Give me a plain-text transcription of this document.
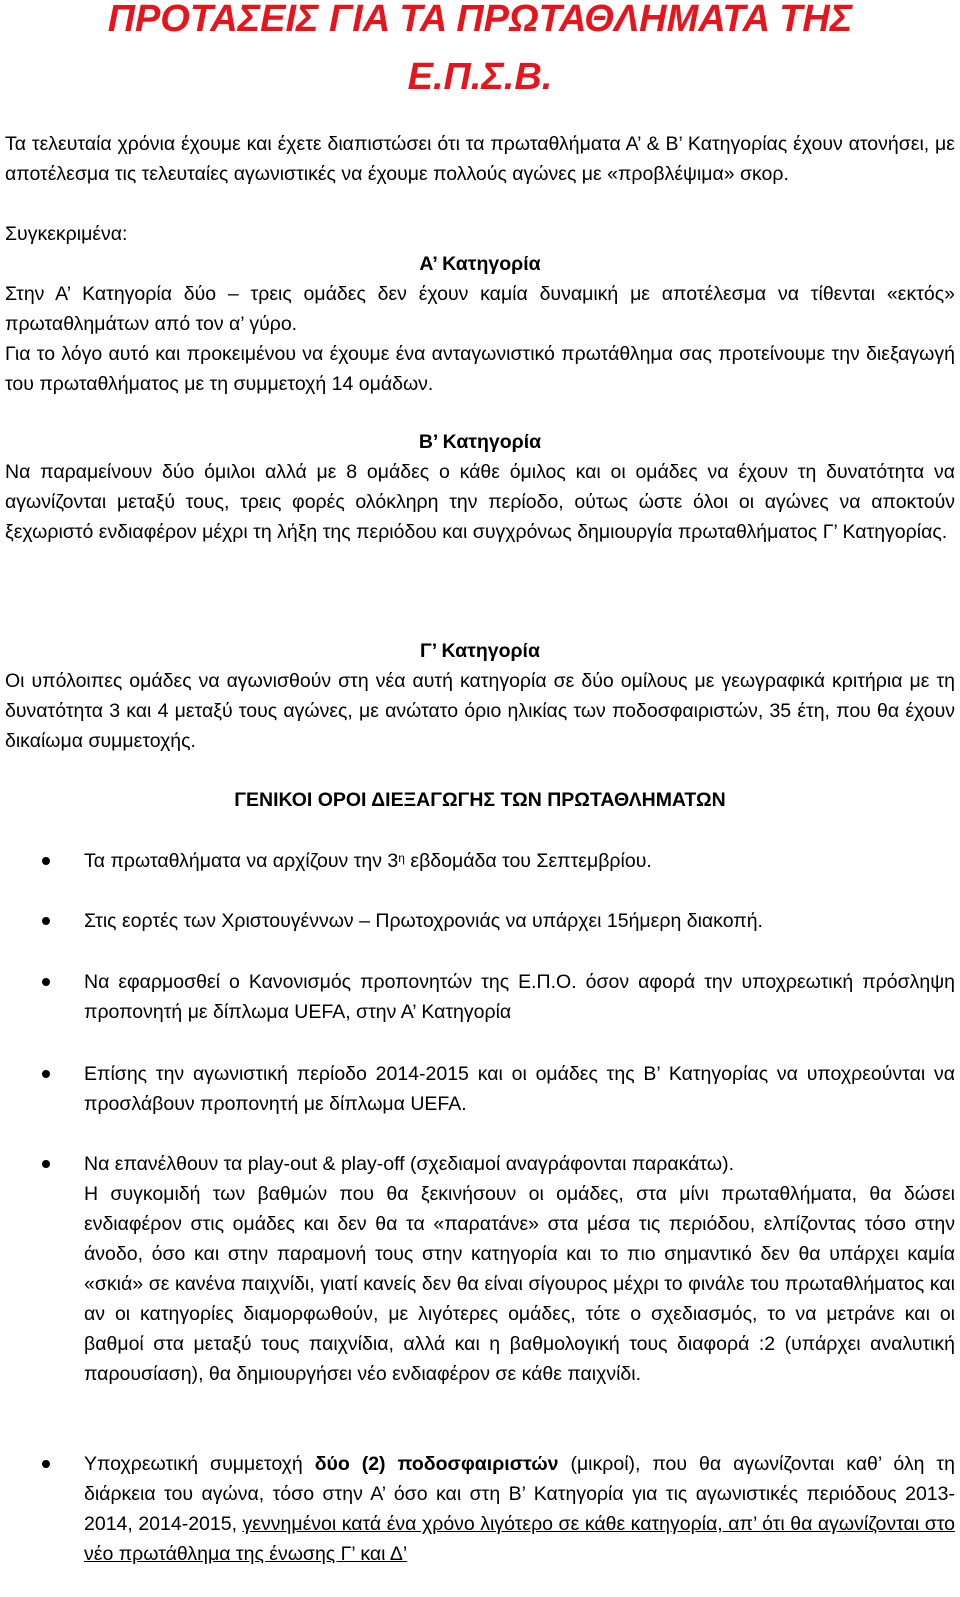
ΠΡΟΤΑΣΕΙΣ ΓΙΑ ΤΑ ΠΡΩΤΑΘΛΗΜΑΤΑ ΤΗΣ
Ε.Π.Σ.Β.
Τα τελευταία χρόνια έχουμε και έχετε διαπιστώσει ότι τα πρωταθλήματα Α’ & Β’ Κατηγορίας έχουν ατονήσει, με αποτέλεσμα τις τελευταίες αγωνιστικές να έχουμε πολλούς αγώνες με «προβλέψιμα» σκορ.
Συγκεκριμένα:
Α’ Κατηγορία
Στην Α’ Κατηγορία δύο – τρεις ομάδες δεν έχουν καμία δυναμική με αποτέλεσμα να τίθενται «εκτός» πρωταθλημάτων από τον α’ γύρο.
Για το λόγο αυτό και προκειμένου να έχουμε ένα ανταγωνιστικό πρωτάθλημα σας προτείνουμε την διεξαγωγή του πρωταθλήματος με τη συμμετοχή 14 ομάδων.
Β’ Κατηγορία
Να παραμείνουν δύο όμιλοι αλλά με 8 ομάδες ο κάθε όμιλος και οι ομάδες να έχουν τη δυνατότητα να αγωνίζονται μεταξύ τους, τρεις φορές ολόκληρη την περίοδο, ούτως ώστε όλοι οι αγώνες να αποκτούν ξεχωριστό ενδιαφέρον μέχρι τη λήξη της περιόδου και συγχρόνως δημιουργία πρωταθλήματος Γ’ Κατηγορίας.
Γ’ Κατηγορία
Οι υπόλοιπες ομάδες να αγωνισθούν στη νέα αυτή κατηγορία σε δύο ομίλους με γεωγραφικά κριτήρια με τη δυνατότητα 3 και 4 μεταξύ τους αγώνες, με ανώτατο όριο ηλικίας των ποδοσφαιριστών, 35 έτη, που θα έχουν δικαίωμα συμμετοχής.
ΓΕΝΙΚΟΙ ΟΡΟΙ ΔΙΕΞΑΓΩΓΗΣ ΤΩΝ ΠΡΩΤΑΘΛΗΜΑΤΩΝ
Τα πρωταθλήματα να αρχίζουν την $3^\eta$ εβδομάδα του Σεπτεμβρίου.
Στις εορτές των Χριστουγέννων – Πρωτοχρονιάς να υπάρχει 15ήμερη διακοπή.
Να εφαρμοσθεί ο Κανονισμός προπονητών της Ε.Π.Ο. όσον αφορά την υποχρεωτική πρόσληψη προπονητή με δίπλωμα UEFA, στην Α’ Κατηγορία
Επίσης την αγωνιστική περίοδο 2014-2015 και οι ομάδες της Β’ Κατηγορίας να υποχρεούνται να προσλάβουν προπονητή με δίπλωμα UEFA.
Να επανέλθουν τα play-out & play-off (σχεδιαμοί αναγράφονται παρακάτω).
Η συγκομιδή των βαθμών που θα ξεκινήσουν οι ομάδες, στα μίνι πρωταθλήματα, θα δώσει ενδιαφέρον στις ομάδες και δεν θα τα «παρατάνε» στα μέσα τις περιόδου, ελπίζοντας τόσο στην άνοδο, όσο και στην παραμονή τους στην κατηγορία και το πιο σημαντικό δεν θα υπάρχει καμία «σκιά» σε κανένα παιχνίδι, γιατί κανείς δεν θα είναι σίγουρος μέχρι το φινάλε του πρωταθλήματος και αν οι κατηγορίες διαμορφωθούν, με λιγότερες ομάδες, τότε ο σχεδιασμός, το να μετράνε και οι βαθμοί στα μεταξύ τους παιχνίδια, αλλά και η βαθμολογική τους διαφορά :2 (υπάρχει αναλυτική παρουσίαση), θα δημιουργήσει νέο ενδιαφέρον σε κάθε παιχνίδι.
Υποχρεωτική συμμετοχή δύο (2) ποδοσφαιριστών (μικροί), που θα αγωνίζονται καθ’ όλη τη διάρκεια του αγώνα, τόσο στην Α’ όσο και στη Β’ Κατηγορία για τις αγωνιστικές περιόδους 2013-2014, 2014-2015, γεννημένοι κατά ένα χρόνο λιγότερο σε κάθε κατηγορία, απ’ ότι θα αγωνίζονται στο νέο πρωτάθλημα της ένωσης Γ’ και Δ’
